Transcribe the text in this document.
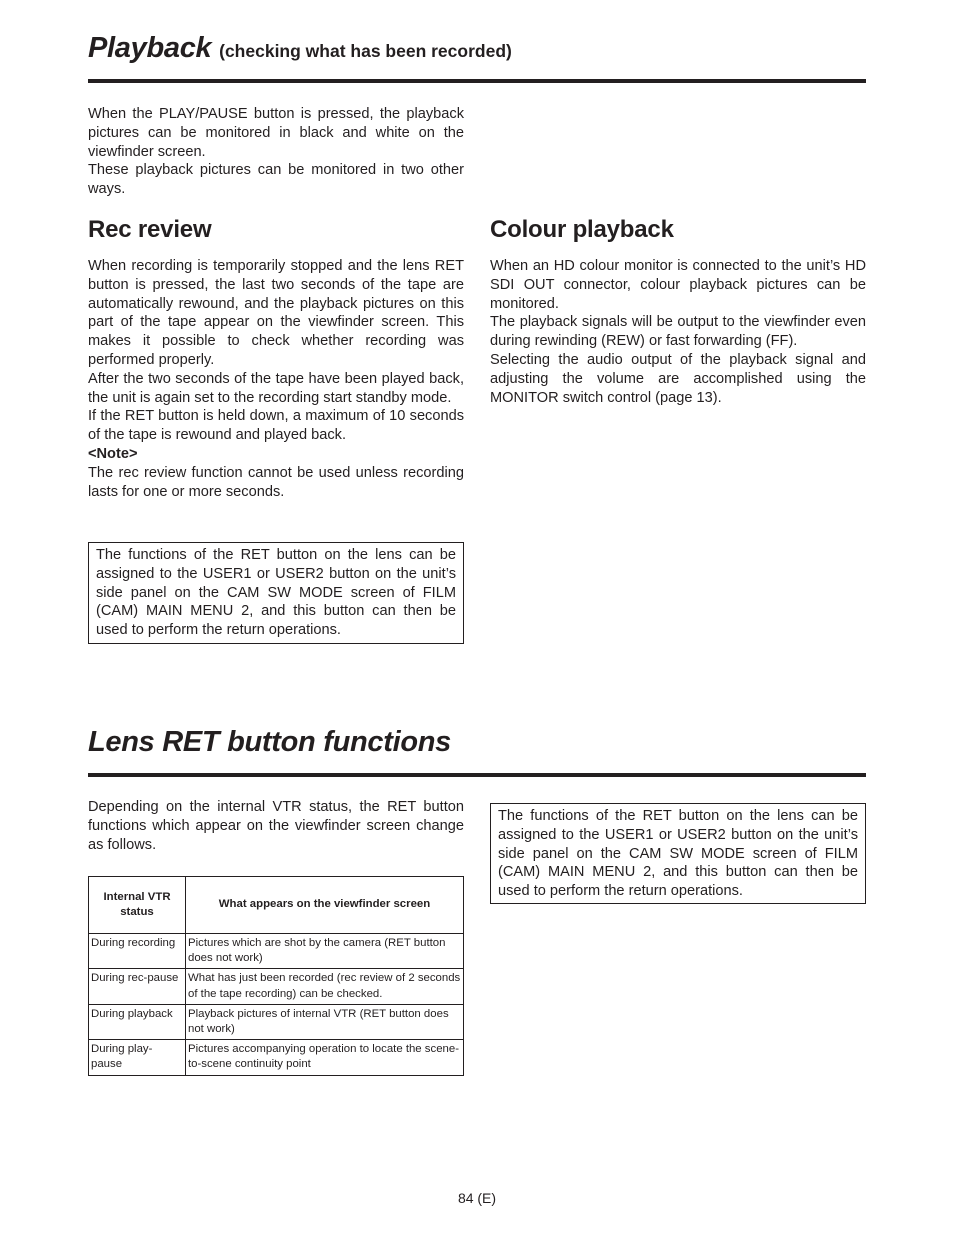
Playback (checking what has been recorded)

When the PLAY/PAUSE button is pressed, the playback pictures can be monitored in black and white on the viewfinder screen.

These playback pictures can be monitored in two other ways.

Rec review

When recording is temporarily stopped and the lens RET button is pressed, the last two seconds of the tape are automatically rewound, and the playback pictures on this part of the tape appear on the viewfinder screen. This makes it possible to check whether recording was performed properly.

After the two seconds of the tape have been played back, the unit is again set to the recording start standby mode.

If the RET button is held down, a maximum of 10 seconds of the tape is rewound and played back.

<Note>

The rec review function cannot be used unless recording lasts for one or more seconds.

The functions of the RET button on the lens can be assigned to the USER1 or USER2 button on the unit’s side panel on the CAM SW MODE screen of FILM (CAM) MAIN MENU 2, and this button can then be used to perform the return operations.
Colour playback

When an HD colour monitor is connected to the unit’s HD SDI OUT connector, colour playback pictures can be monitored.

The playback signals will be output to the viewfinder even during rewinding (REW) or fast forwarding (FF).

Selecting the audio output of the playback signal and adjusting the volume are accomplished using the MONITOR switch control (page 13).

Lens RET button functions
Depending on the internal VTR status, the RET button functions which appear on the viewfinder screen change as follows.
Internal VTR status	What appears on the viewfinder screen
During recording	Pictures which are shot by the camera (RET button does not work)
During rec-pause	What has just been recorded (rec review of 2 seconds of the tape recording) can be checked.
During playback	Playback pictures of internal VTR (RET button does not work)
During play-pause	Pictures accompanying operation to locate the scene-to-scene continuity point
The functions of the RET button on the lens can be assigned to the USER1 or USER2 button on the unit’s side panel on the CAM SW MODE screen of FILM (CAM) MAIN MENU 2, and this button can then be used to perform the return operations.
84 (E)
